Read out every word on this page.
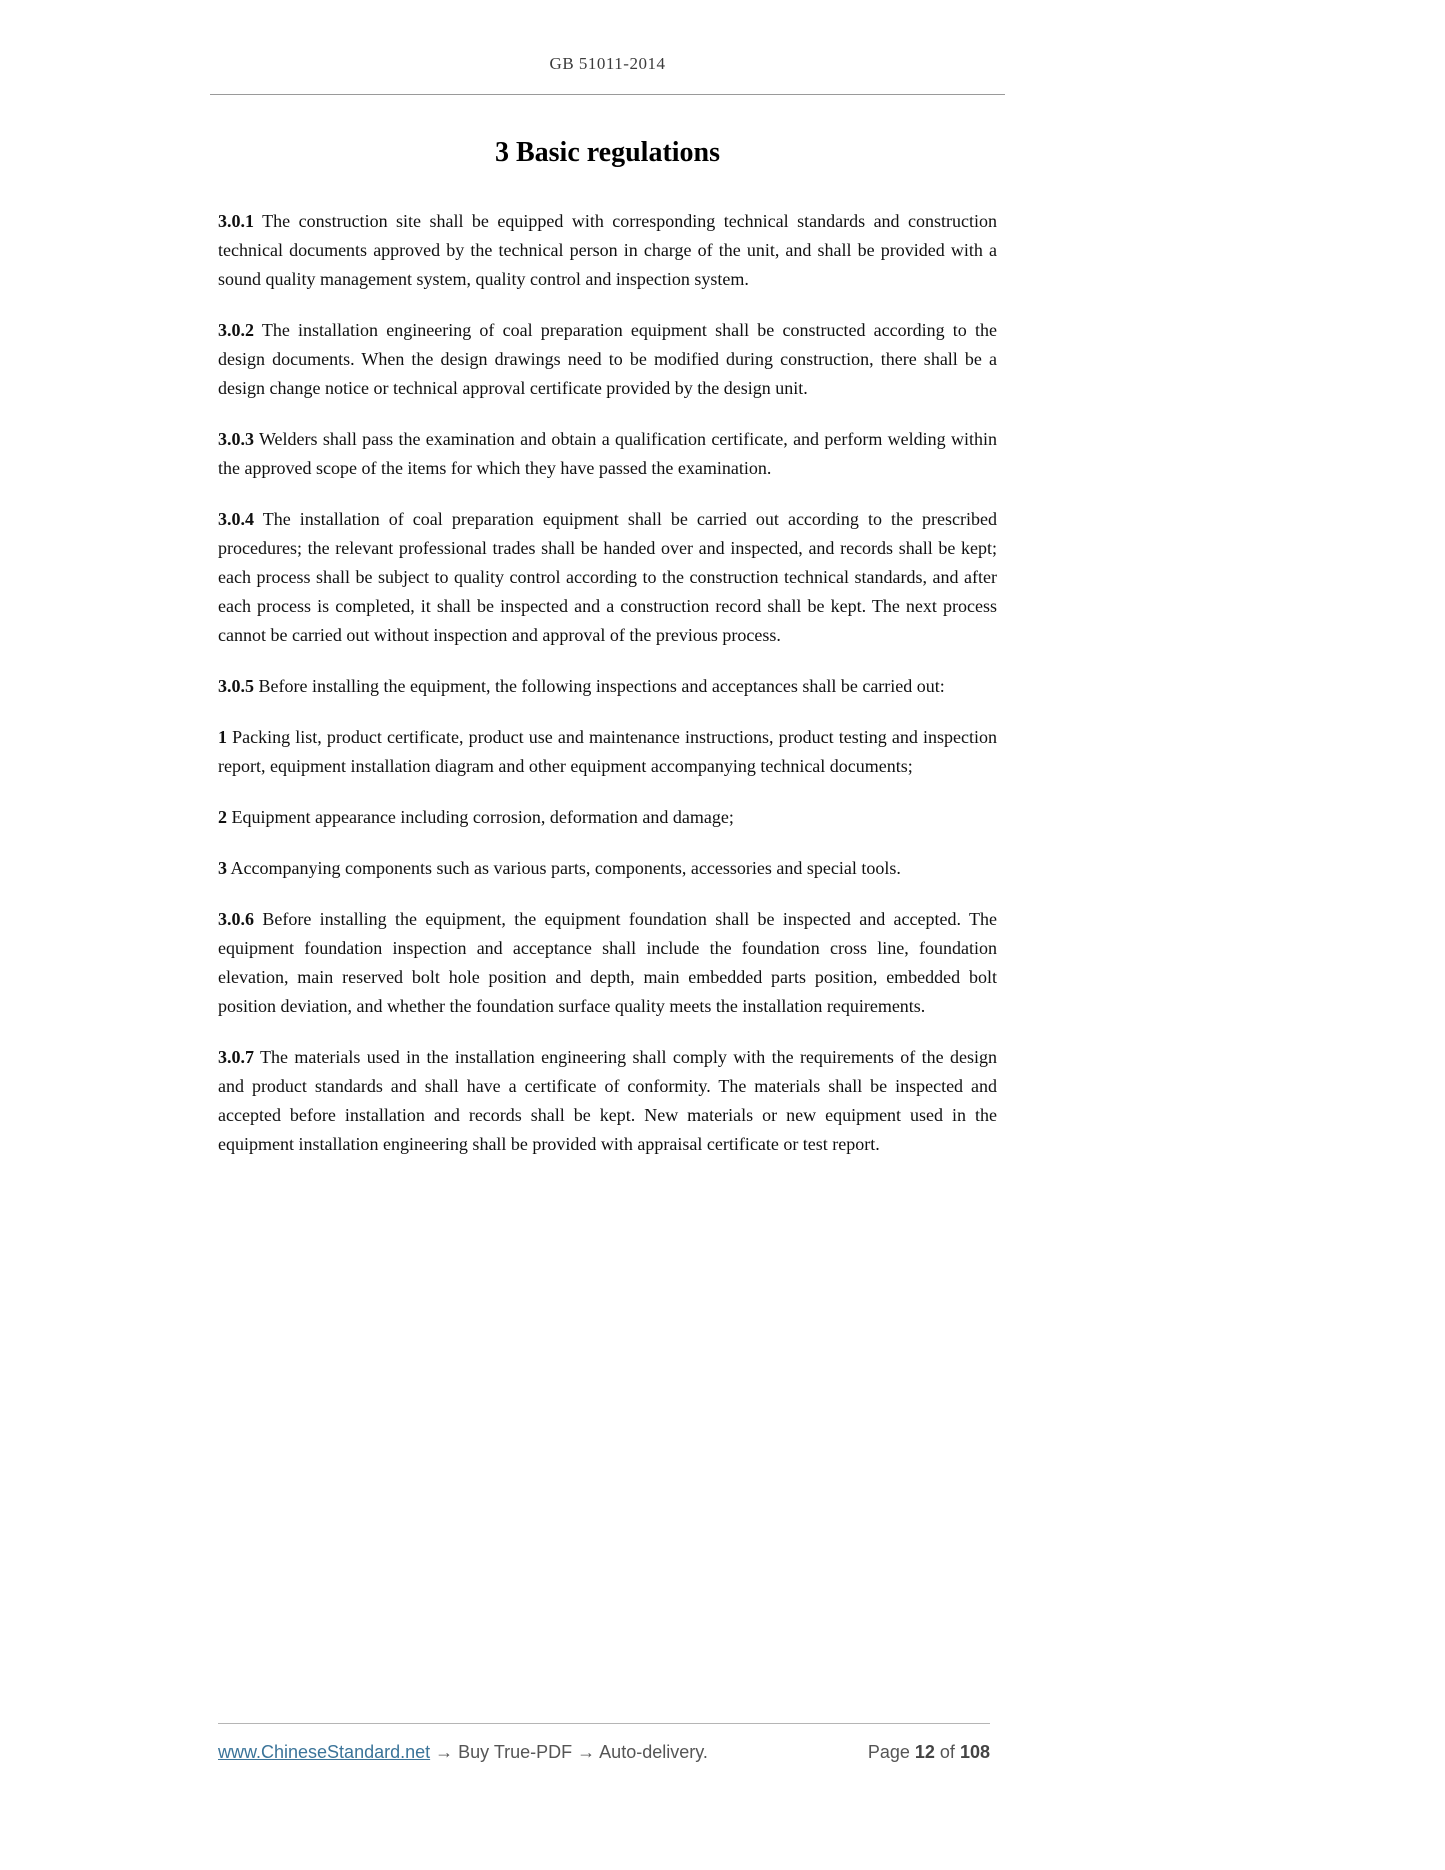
GB 51011-2014
3 Basic regulations

3.0.1 The construction site shall be equipped with corresponding technical standards and construction technical documents approved by the technical person in charge of the unit, and shall be provided with a sound quality management system, quality control and inspection system.

3.0.2 The installation engineering of coal preparation equipment shall be constructed according to the design documents. When the design drawings need to be modified during construction, there shall be a design change notice or technical approval certificate provided by the design unit.

3.0.3 Welders shall pass the examination and obtain a qualification certificate, and perform welding within the approved scope of the items for which they have passed the examination.

3.0.4 The installation of coal preparation equipment shall be carried out according to the prescribed procedures; the relevant professional trades shall be handed over and inspected, and records shall be kept; each process shall be subject to quality control according to the construction technical standards, and after each process is completed, it shall be inspected and a construction record shall be kept. The next process cannot be carried out without inspection and approval of the previous process.

3.0.5 Before installing the equipment, the following inspections and acceptances shall be carried out:

1 Packing list, product certificate, product use and maintenance instructions, product testing and inspection report, equipment installation diagram and other equipment accompanying technical documents;

2 Equipment appearance including corrosion, deformation and damage;

3 Accompanying components such as various parts, components, accessories and special tools.

3.0.6 Before installing the equipment, the equipment foundation shall be inspected and accepted. The equipment foundation inspection and acceptance shall include the foundation cross line, foundation elevation, main reserved bolt hole position and depth, main embedded parts position, embedded bolt position deviation, and whether the foundation surface quality meets the installation requirements.

3.0.7 The materials used in the installation engineering shall comply with the requirements of the design and product standards and shall have a certificate of conformity. The materials shall be inspected and accepted before installation and records shall be kept. New materials or new equipment used in the equipment installation engineering shall be provided with appraisal certificate or test report.

www.ChineseStandard.net → Buy True-PDF → Auto-delivery.	Page 12 of 108
